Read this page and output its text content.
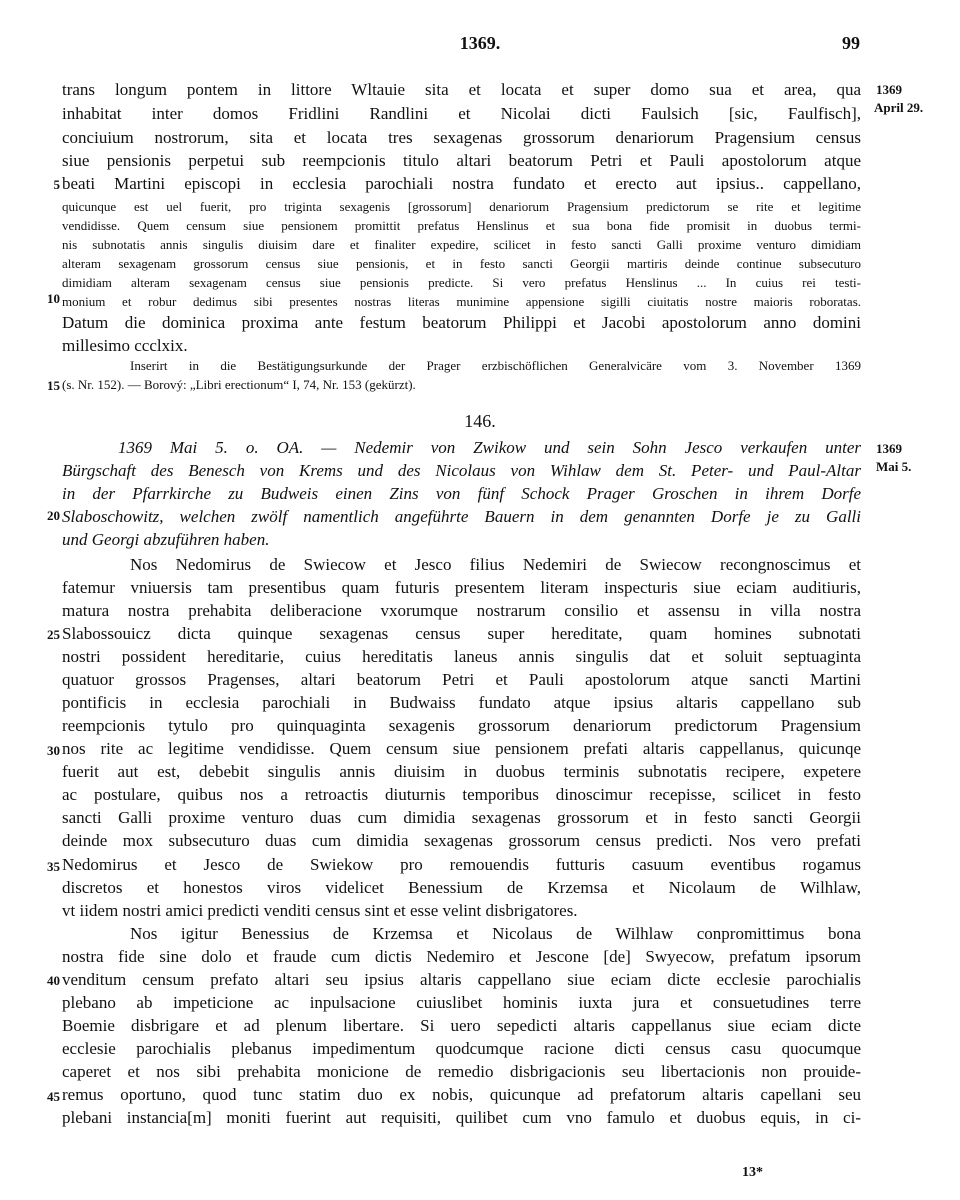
1369.	99
1369
April 29.
1369
Mai 5.
5
10
15
20
25
30
35
40
45
trans longum pontem in littore Wltauie sita et locata et super domo sua et area, qua
inhabitat inter domos Fridlini Randlini et Nicolai dicti Faulsich [sic, Faulfisch],
conciuium nostrorum, sita et locata tres sexagenas grossorum denariorum Pragensium census
siue pensionis perpetui sub reempcionis titulo altari beatorum Petri et Pauli apostolorum atque
beati Martini episcopi in ecclesia parochiali nostra fundato et erecto aut ipsius.. cappellano,
quicunque est uel fuerit, pro triginta sexagenis [grossorum] denariorum Pragensium predictorum se rite et legitime
vendidisse. Quem censum siue pensionem promittit prefatus Henslinus et sua bona fide promisit in duobus termi-
nis subnotatis annis singulis diuisim dare et finaliter expedire, scilicet in festo sancti Galli proxime venturo dimidiam
alteram sexagenam grossorum census siue pensionis, et in festo sancti Georgii martiris deinde continue subsecuturo
dimidiam alteram sexagenam census siue pensionis predicte. Si vero prefatus Henslinus ... In cuius rei testi-
monium et robur dedimus sibi presentes nostras literas munimine appensione sigilli ciuitatis nostre maioris roboratas.
Datum die dominica proxima ante festum beatorum Philippi et Jacobi apostolorum anno domini
millesimo ccclxix.
Inserirt in die Bestätigungsurkunde der Prager erzbischöflichen Generalvicäre vom 3. November 1369
(s. Nr. 152). — Borový: „Libri erectionum“ I, 74, Nr. 153 (gekürzt).
146.
1369 Mai 5. o. OA. — Nedemir von Zwikow und sein Sohn Jesco verkaufen unter
Bürgschaft des Benesch von Krems und des Nicolaus von Wihlaw dem St. Peter- und Paul-Altar
in der Pfarrkirche zu Budweis einen Zins von fünf Schock Prager Groschen in ihrem Dorfe
Slaboschowitz, welchen zwölf namentlich angeführte Bauern in dem genannten Dorfe je zu Galli
und Georgi abzuführen haben.
Nos Nedomirus de Swiecow et Jesco filius Nedemiri de Swiecow recongnoscimus et
fatemur vniuersis tam presentibus quam futuris presentem literam inspecturis siue eciam auditiuris,
matura nostra prehabita deliberacione vxorumque nostrarum consilio et assensu in villa nostra
Slabossouicz dicta quinque sexagenas census super hereditate, quam homines subnotati
nostri possident hereditarie, cuius hereditatis laneus annis singulis dat et soluit septuaginta
quatuor grossos Pragenses, altari beatorum Petri et Pauli apostolorum atque sancti Martini
pontificis in ecclesia parochiali in Budwaiss fundato atque ipsius altaris cappellano sub
reempcionis tytulo pro quinquaginta sexagenis grossorum denariorum predictorum Pragensium
nos rite ac legitime vendidisse. Quem censum siue pensionem prefati altaris cappellanus, quicunqe
fuerit aut est, debebit singulis annis diuisim in duobus terminis subnotatis recipere, expetere
ac postulare, quibus nos a retroactis diuturnis temporibus dinoscimur recepisse, scilicet in festo
sancti Galli proxime venturo duas cum dimidia sexagenas grossorum et in festo sancti Georgii
deinde mox subsecuturo duas cum dimidia sexagenas grossorum census predicti. Nos vero prefati
Nedomirus et Jesco de Swiekow pro remouendis futturis casuum eventibus rogamus
discretos et honestos viros videlicet Benessium de Krzemsa et Nicolaum de Wilhlaw,
vt iidem nostri amici predicti venditi census sint et esse velint disbrigatores.
Nos igitur Benessius de Krzemsa et Nicolaus de Wilhlaw conpromittimus bona
nostra fide sine dolo et fraude cum dictis Nedemiro et Jescone [de] Swyecow, prefatum ipsorum
venditum censum prefato altari seu ipsius altaris cappellano siue eciam dicte ecclesie parochialis
plebano ab impeticione ac inpulsacione cuiuslibet hominis iuxta jura et consuetudines terre
Boemie disbrigare et ad plenum libertare. Si uero sepedicti altaris cappellanus siue eciam dicte
ecclesie parochialis plebanus impedimentum quodcumque racione dicti census casu quocumque
caperet et nos sibi prehabita monicione de remedio disbrigacionis seu libertacionis non prouide-
remus oportuno, quod tunc statim duo ex nobis, quicunque ad prefatorum altaris capellani seu
plebani instancia[m] moniti fuerint aut requisiti, quilibet cum vno famulo et duobus equis, in ci-
13*
